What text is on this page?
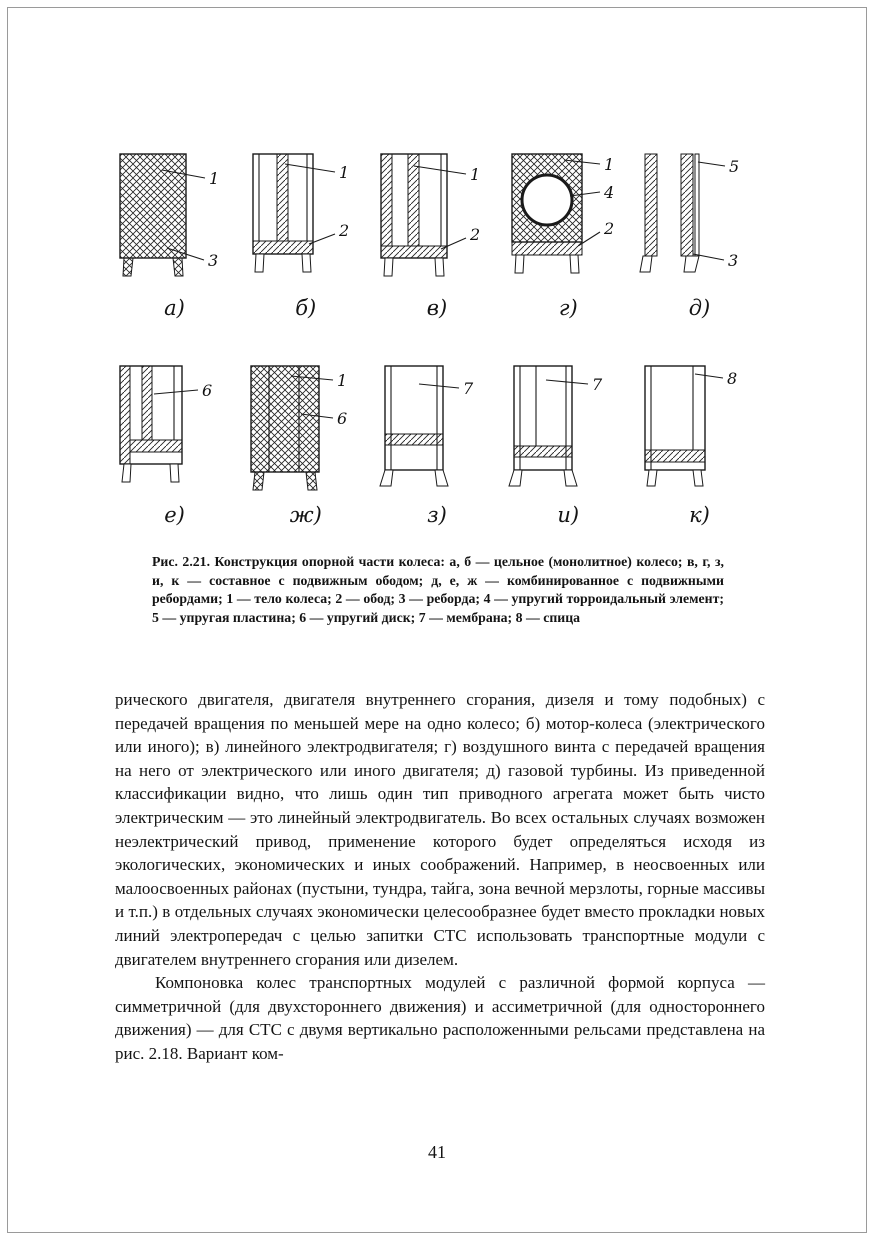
1
3
а)
1
2
б)
1
2
в)
1
4
2
г)
5
3
д)
6
е)
1
6
ж)
7
з)
7
и)
8
к)

Рис. 2.21. Конструкция опорной части колеса: а, б — цельное (монолитное) колесо; в, г, з, и, к — составное с подвижным ободом; д, е, ж — комбинированное с подвижными ребордами; 1 — тело колеса; 2 — обод; 3 — реборда; 4 — упругий торроидальный элемент; 5 — упругая пластина; 6 — упругий диск; 7 — мембрана; 8 — спица

рического двигателя, двигателя внутреннего сгорания, дизеля и тому подобных) с передачей вращения по меньшей мере на одно колесо; б) мотор-колеса (электрического или иного); в) линейного электродвигателя; г) воздушного винта с передачей вращения на него от электрического или иного двигателя; д) газовой турбины. Из приведенной классификации видно, что лишь один тип приводного агрегата может быть чисто электрическим — это линейный электродвигатель. Во всех остальных случаях возможен неэлектрический привод, применение которого будет определяться исходя из экологических, экономических и иных соображений. Например, в неосвоенных или малоосвоенных районах (пустыни, тундра, тайга, зона вечной мерзлоты, горные массивы и т.п.) в отдельных случаях экономически целесообразнее будет вместо прокладки новых линий электропередач с целью запитки СТС использовать транспортные модули с двигателем внутреннего сгорания или дизелем.

Компоновка колес транспортных модулей с различной формой корпуса — симметричной (для двухстороннего движения) и ассиметричной (для одностороннего движения) — для СТС с двумя вертикально расположенными рельсами представлена на рис. 2.18. Вариант ком-

41
